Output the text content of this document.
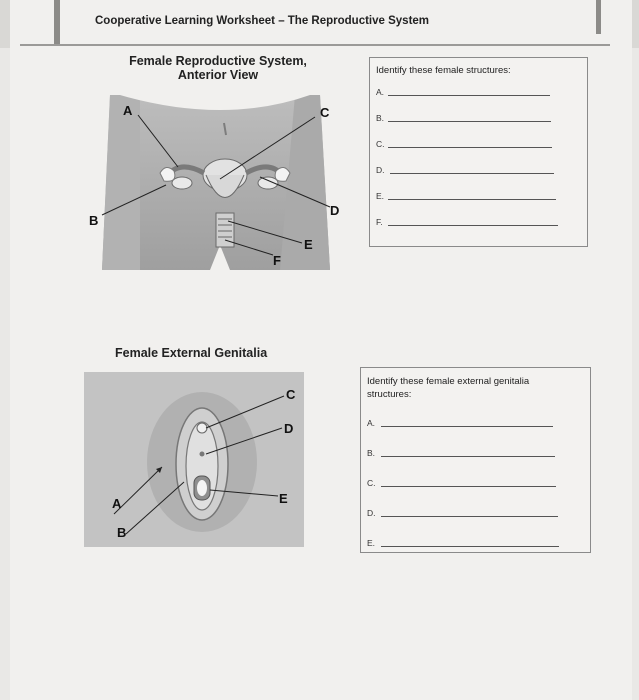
Cooperative Learning Worksheet – The Reproductive System
Female Reproductive System,
Anterior View
A
B
C
D
E
F
Identify these female structures:
A.
B.
C.
D.
E.
F.
Female External Genitalia
A
B
C
D
E
Identify these female external genitalia
structures:
A.
B.
C.
D.
E.
